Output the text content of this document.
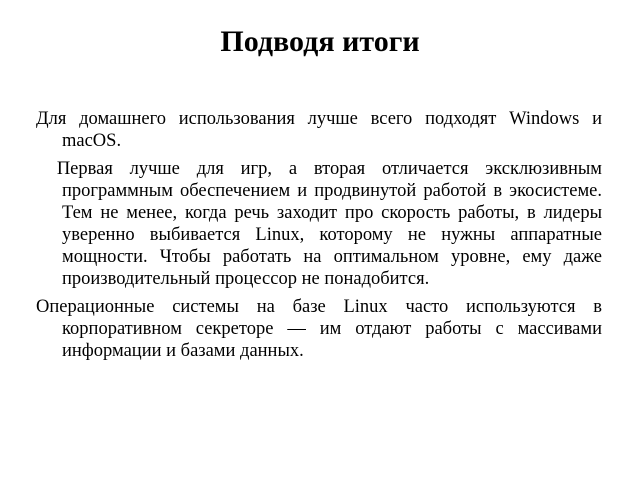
Подводя итоги

Для домашнего использования лучше всего подходят Windows и macOS.

Первая лучше для игр, а вторая отличается эксклюзивным программным обеспечением и продвинутой работой в экосистеме. Тем не менее, когда речь заходит про скорость работы, в лидеры уверенно выбивается Linux, которому не нужны аппаратные мощности. Чтобы работать на оптимальном уровне, ему даже производительный процессор не понадобится.

Операционные системы на базе Linux часто используются в корпоративном секреторе — им отдают работы с массивами информации и базами данных.
